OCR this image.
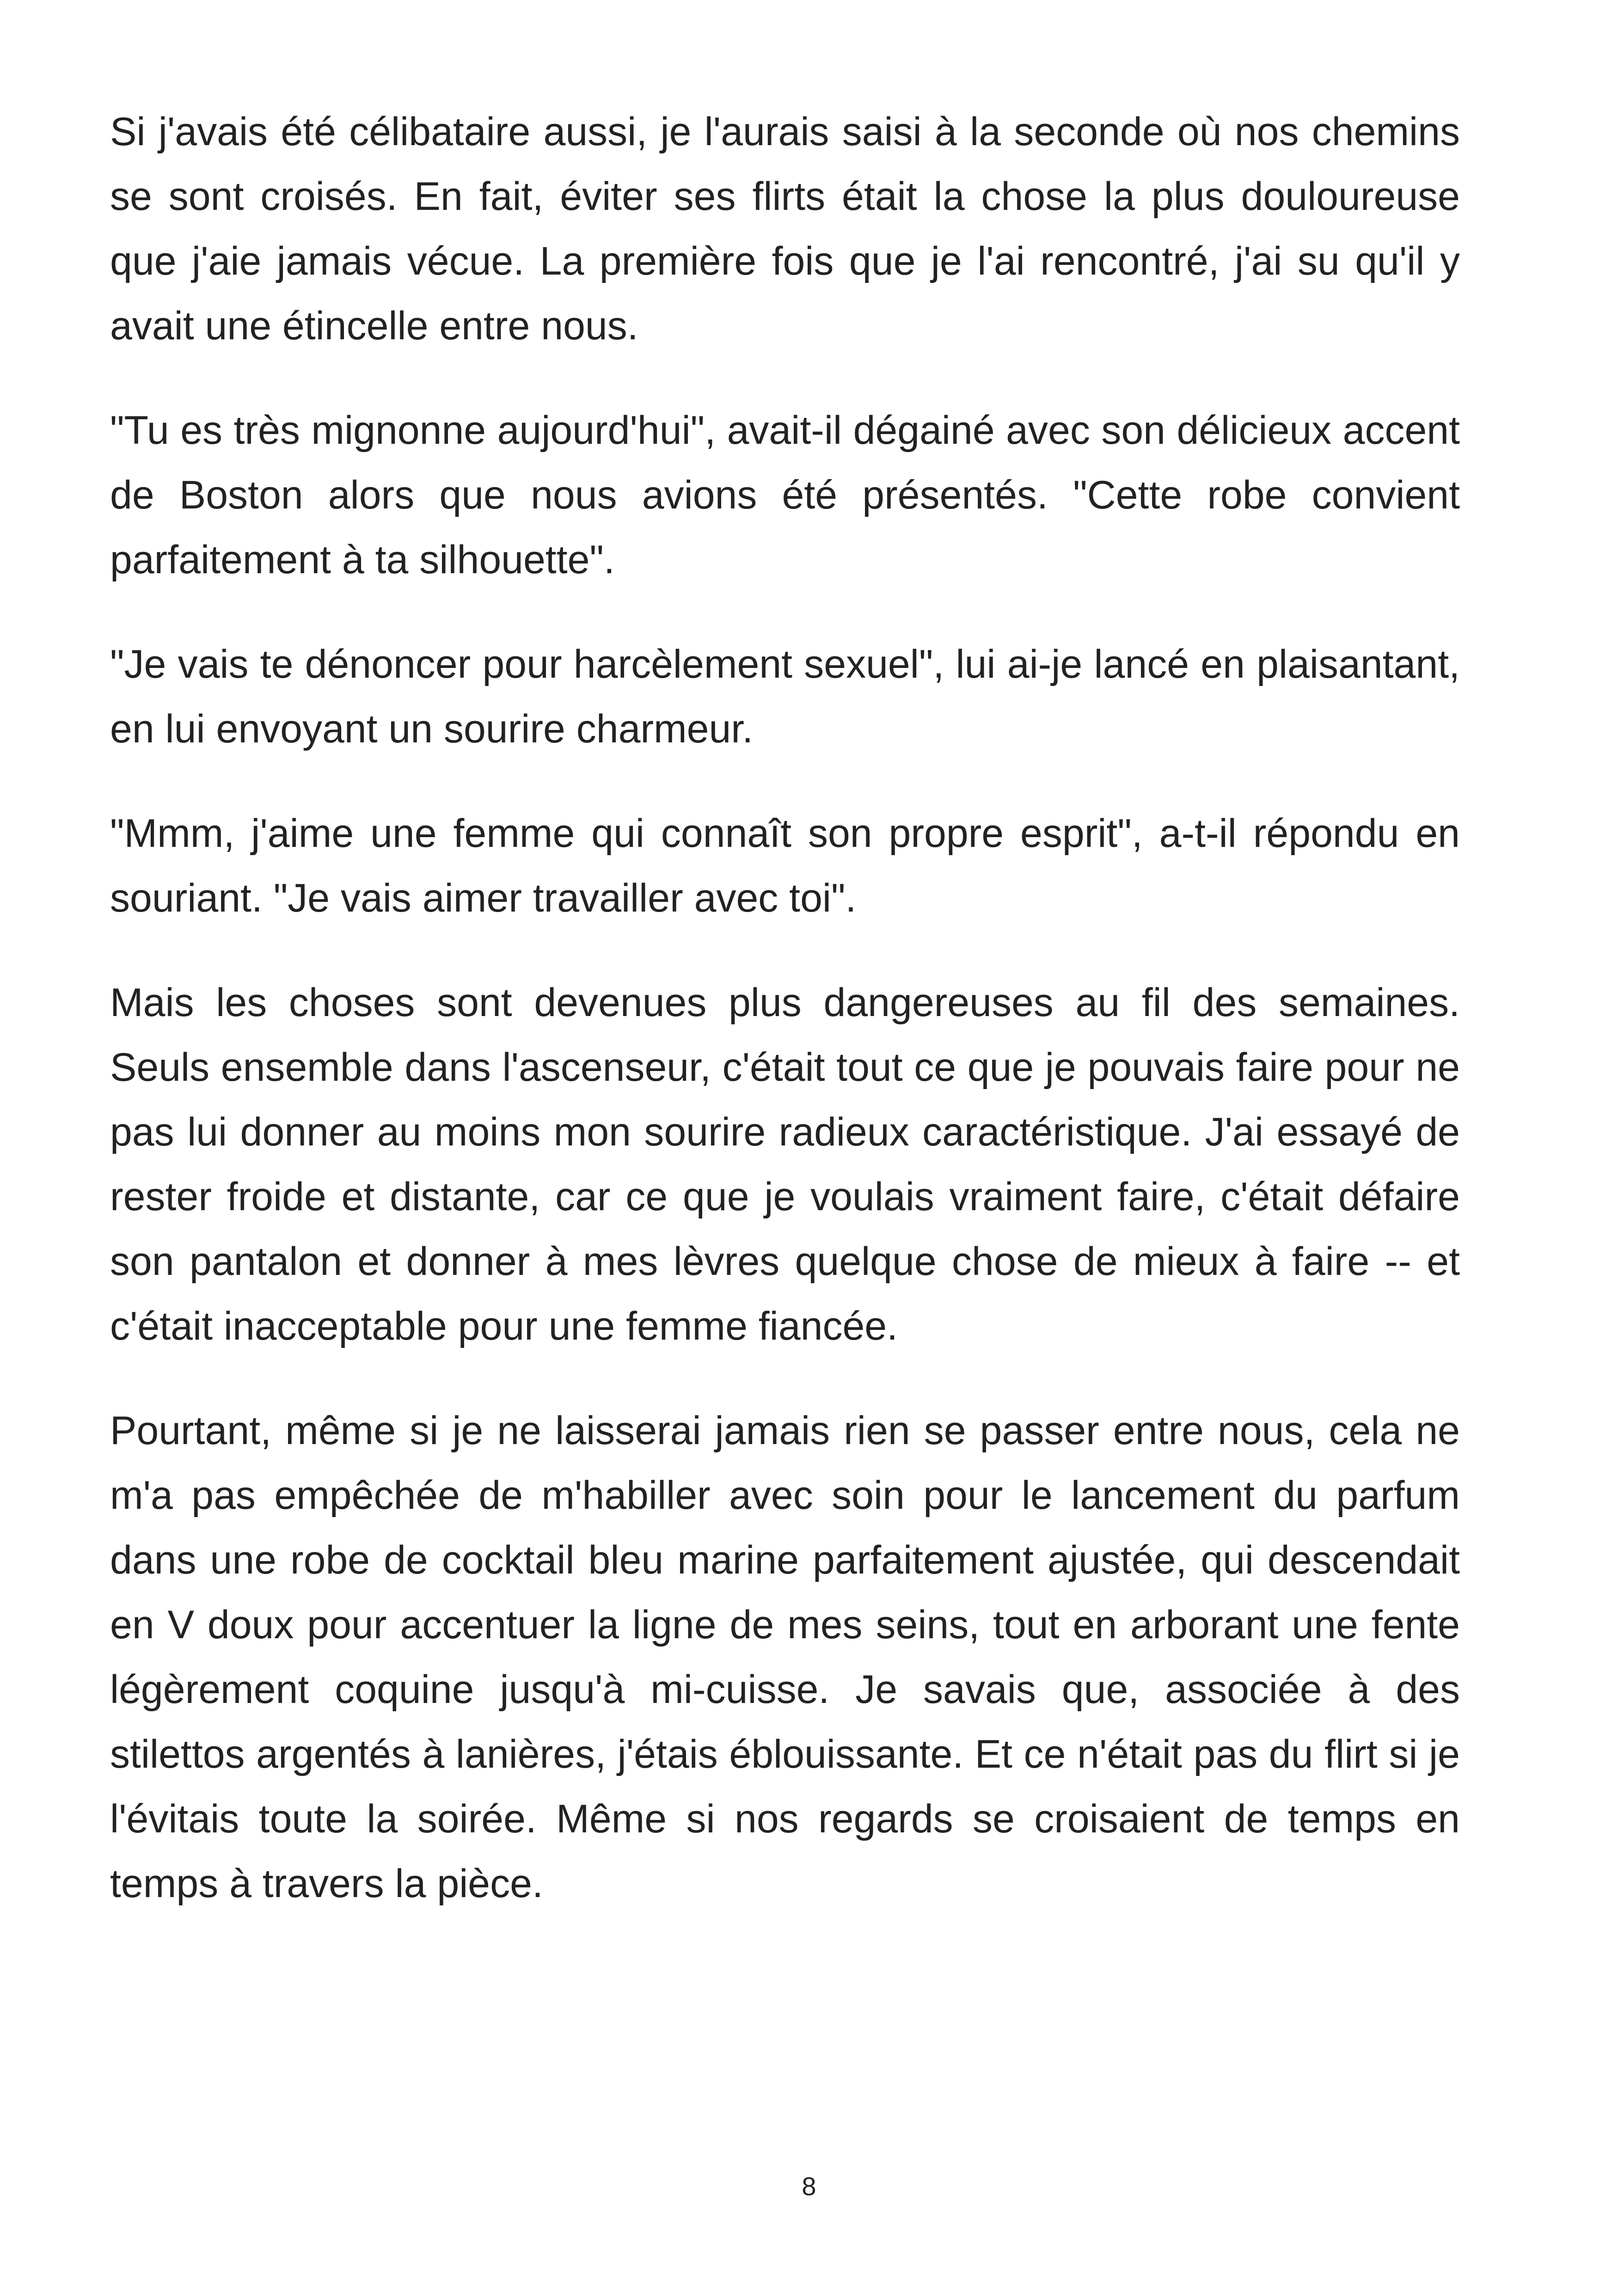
Si j'avais été célibataire aussi, je l'aurais saisi à la seconde où nos chemins se sont croisés. En fait, éviter ses flirts était la chose la plus douloureuse que j'aie jamais vécue. La première fois que je l'ai rencontré, j'ai su qu'il y avait une étincelle entre nous.

"Tu es très mignonne aujourd'hui", avait-il dégainé avec son délicieux accent de Boston alors que nous avions été présentés. "Cette robe convient parfaitement à ta silhouette".

"Je vais te dénoncer pour harcèlement sexuel", lui ai-je lancé en plaisantant, en lui envoyant un sourire charmeur.

"Mmm, j'aime une femme qui connaît son propre esprit", a-t-il répondu en souriant. "Je vais aimer travailler avec toi".

Mais les choses sont devenues plus dangereuses au fil des semaines. Seuls ensemble dans l'ascenseur, c'était tout ce que je pouvais faire pour ne pas lui donner au moins mon sourire radieux caractéristique. J'ai essayé de rester froide et distante, car ce que je voulais vraiment faire, c'était défaire son pantalon et donner à mes lèvres quelque chose de mieux à faire -- et c'était inacceptable pour une femme fiancée.

Pourtant, même si je ne laisserai jamais rien se passer entre nous, cela ne m'a pas empêchée de m'habiller avec soin pour le lancement du parfum dans une robe de cocktail bleu marine parfaitement ajustée, qui descendait en V doux pour accentuer la ligne de mes seins, tout en arborant une fente légèrement coquine jusqu'à mi-cuisse. Je savais que, associée à des stilettos argentés à lanières, j'étais éblouissante. Et ce n'était pas du flirt si je l'évitais toute la soirée. Même si nos regards se croisaient de temps en temps à travers la pièce.

8
